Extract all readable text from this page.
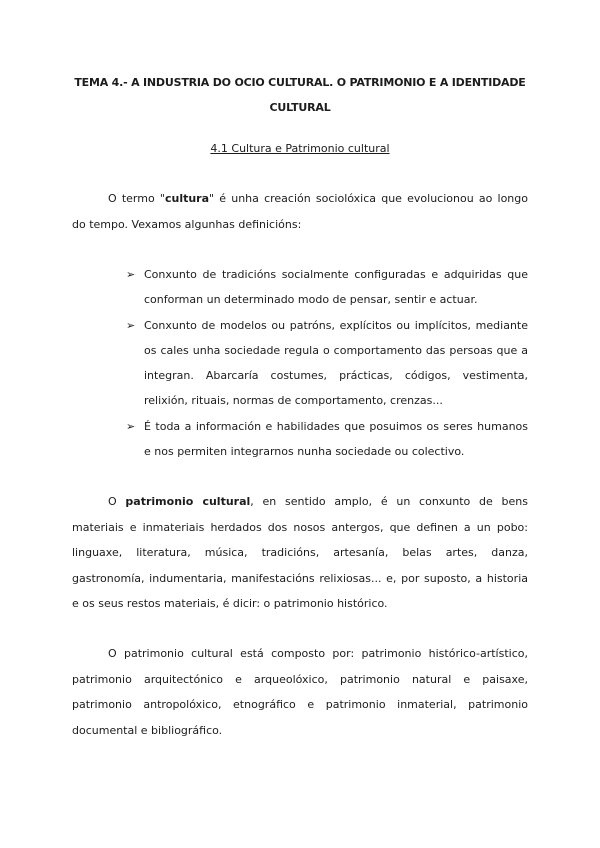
TEMA 4.- A INDUSTRIA DO OCIO CULTURAL. O PATRIMONIO E A IDENTIDADE CULTURAL
4.1 Cultura e Patrimonio cultural

O termo "cultura" é unha creación sociolóxica que evolucionou ao longo do tempo. Vexamos algunhas definicións:

➢ Conxunto de tradicións socialmente configuradas e adquiridas que conforman un determinado modo de pensar, sentir e actuar.
➢ Conxunto de modelos ou patróns, explícitos ou implícitos, mediante os cales unha sociedade regula o comportamento das persoas que a integran. Abarcaría costumes, prácticas, códigos, vestimenta, relixión, rituais, normas de comportamento, crenzas...
➢ É toda a información e habilidades que posuimos os seres humanos e nos permiten integrarnos nunha sociedade ou colectivo.

O patrimonio cultural, en sentido amplo, é un conxunto de bens materiais e inmateriais herdados dos nosos antergos, que definen a un pobo: linguaxe, literatura, música, tradicións, artesanía, belas artes, danza, gastronomía, indumentaria, manifestacións relixiosas... e, por suposto, a historia e os seus restos materiais, é dicir: o patrimonio histórico.

O patrimonio cultural está composto por: patrimonio histórico-artístico, patrimonio arquitectónico e arqueolóxico, patrimonio natural e paisaxe, patrimonio antropolóxico, etnográfico e patrimonio inmaterial, patrimonio documental e bibliográfico.
